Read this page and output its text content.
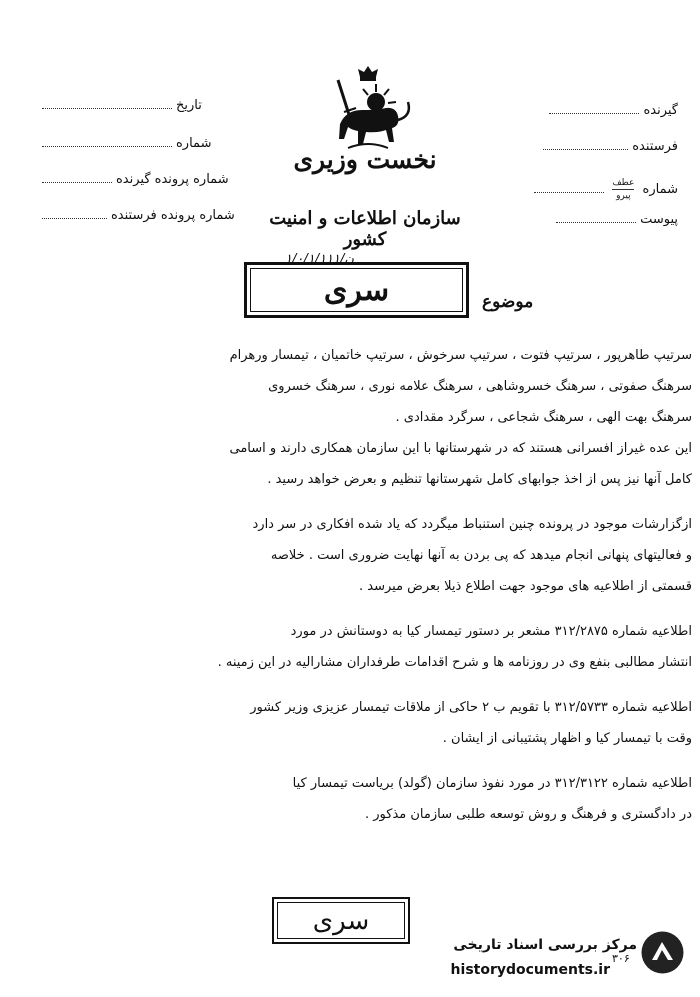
گیرنده
فرستنده
شماره
عطف
پیرو
پیوست
تاریخ
شماره
شماره پرونده گیرنده
شماره پرونده فرستنده
نخست وزیری
سازمان اطلاعات و امنیت کشور
ن/۱/۰/۱/۱۱۱
سری	موضوع
سرتیپ طاهرپور ، سرتیپ فتوت ، سرتیپ سرخوش ، سرتیپ خاتمیان ، تیمسار ورهرام
سرهنگ صفوتی ، سرهنگ خسروشاهی ، سرهنگ علامه نوری ، سرهنگ خسروی
سرهنگ بهت الهی ، سرهنگ شجاعی ، سرگرد مقدادی .
این عده غیراز افسرانی هستند که در شهرستانها با این سازمان همکاری دارند و اسامی
کامل آنها نیز پس از اخذ جوابهای کامل شهرستانها تنظیم و بعرض خواهد رسید .
ازگزارشات موجود در پرونده چنین استنباط میگردد که یاد شده افکاری در سر دارد
و فعالیتهای پنهانی انجام میدهد که پی بردن به آنها نهایت ضروری است . خلاصه
قسمتی از اطلاعیه های موجود جهت اطلاع ذیلا بعرض میرسد .
اطلاعیه شماره ۳۱۲/۲۸۷۵ مشعر بر دستور تیمسار کیا به دوستانش در مورد
انتشار مطالبی بنفع وی در روزنامه ها و شرح اقدامات طرفداران مشارالیه در این زمینه .
اطلاعیه شماره ۳۱۲/۵۷۳۳ با تقویم ب ۲ حاکی از ملاقات تیمسار عزیزی وزیر کشور
وقت با تیمسار کیا و اظهار پشتیبانی از ایشان .
اطلاعیه شماره ۳۱۲/۳۱۲۲ در مورد نفوذ سازمان (گولد) بریاست تیمسار کیا
در دادگستری و فرهنگ و روش توسعه طلبی سازمان مذکور .
سری
۳۰۶
مرکز بررسی اسناد تاریخی
historydocuments.ir
